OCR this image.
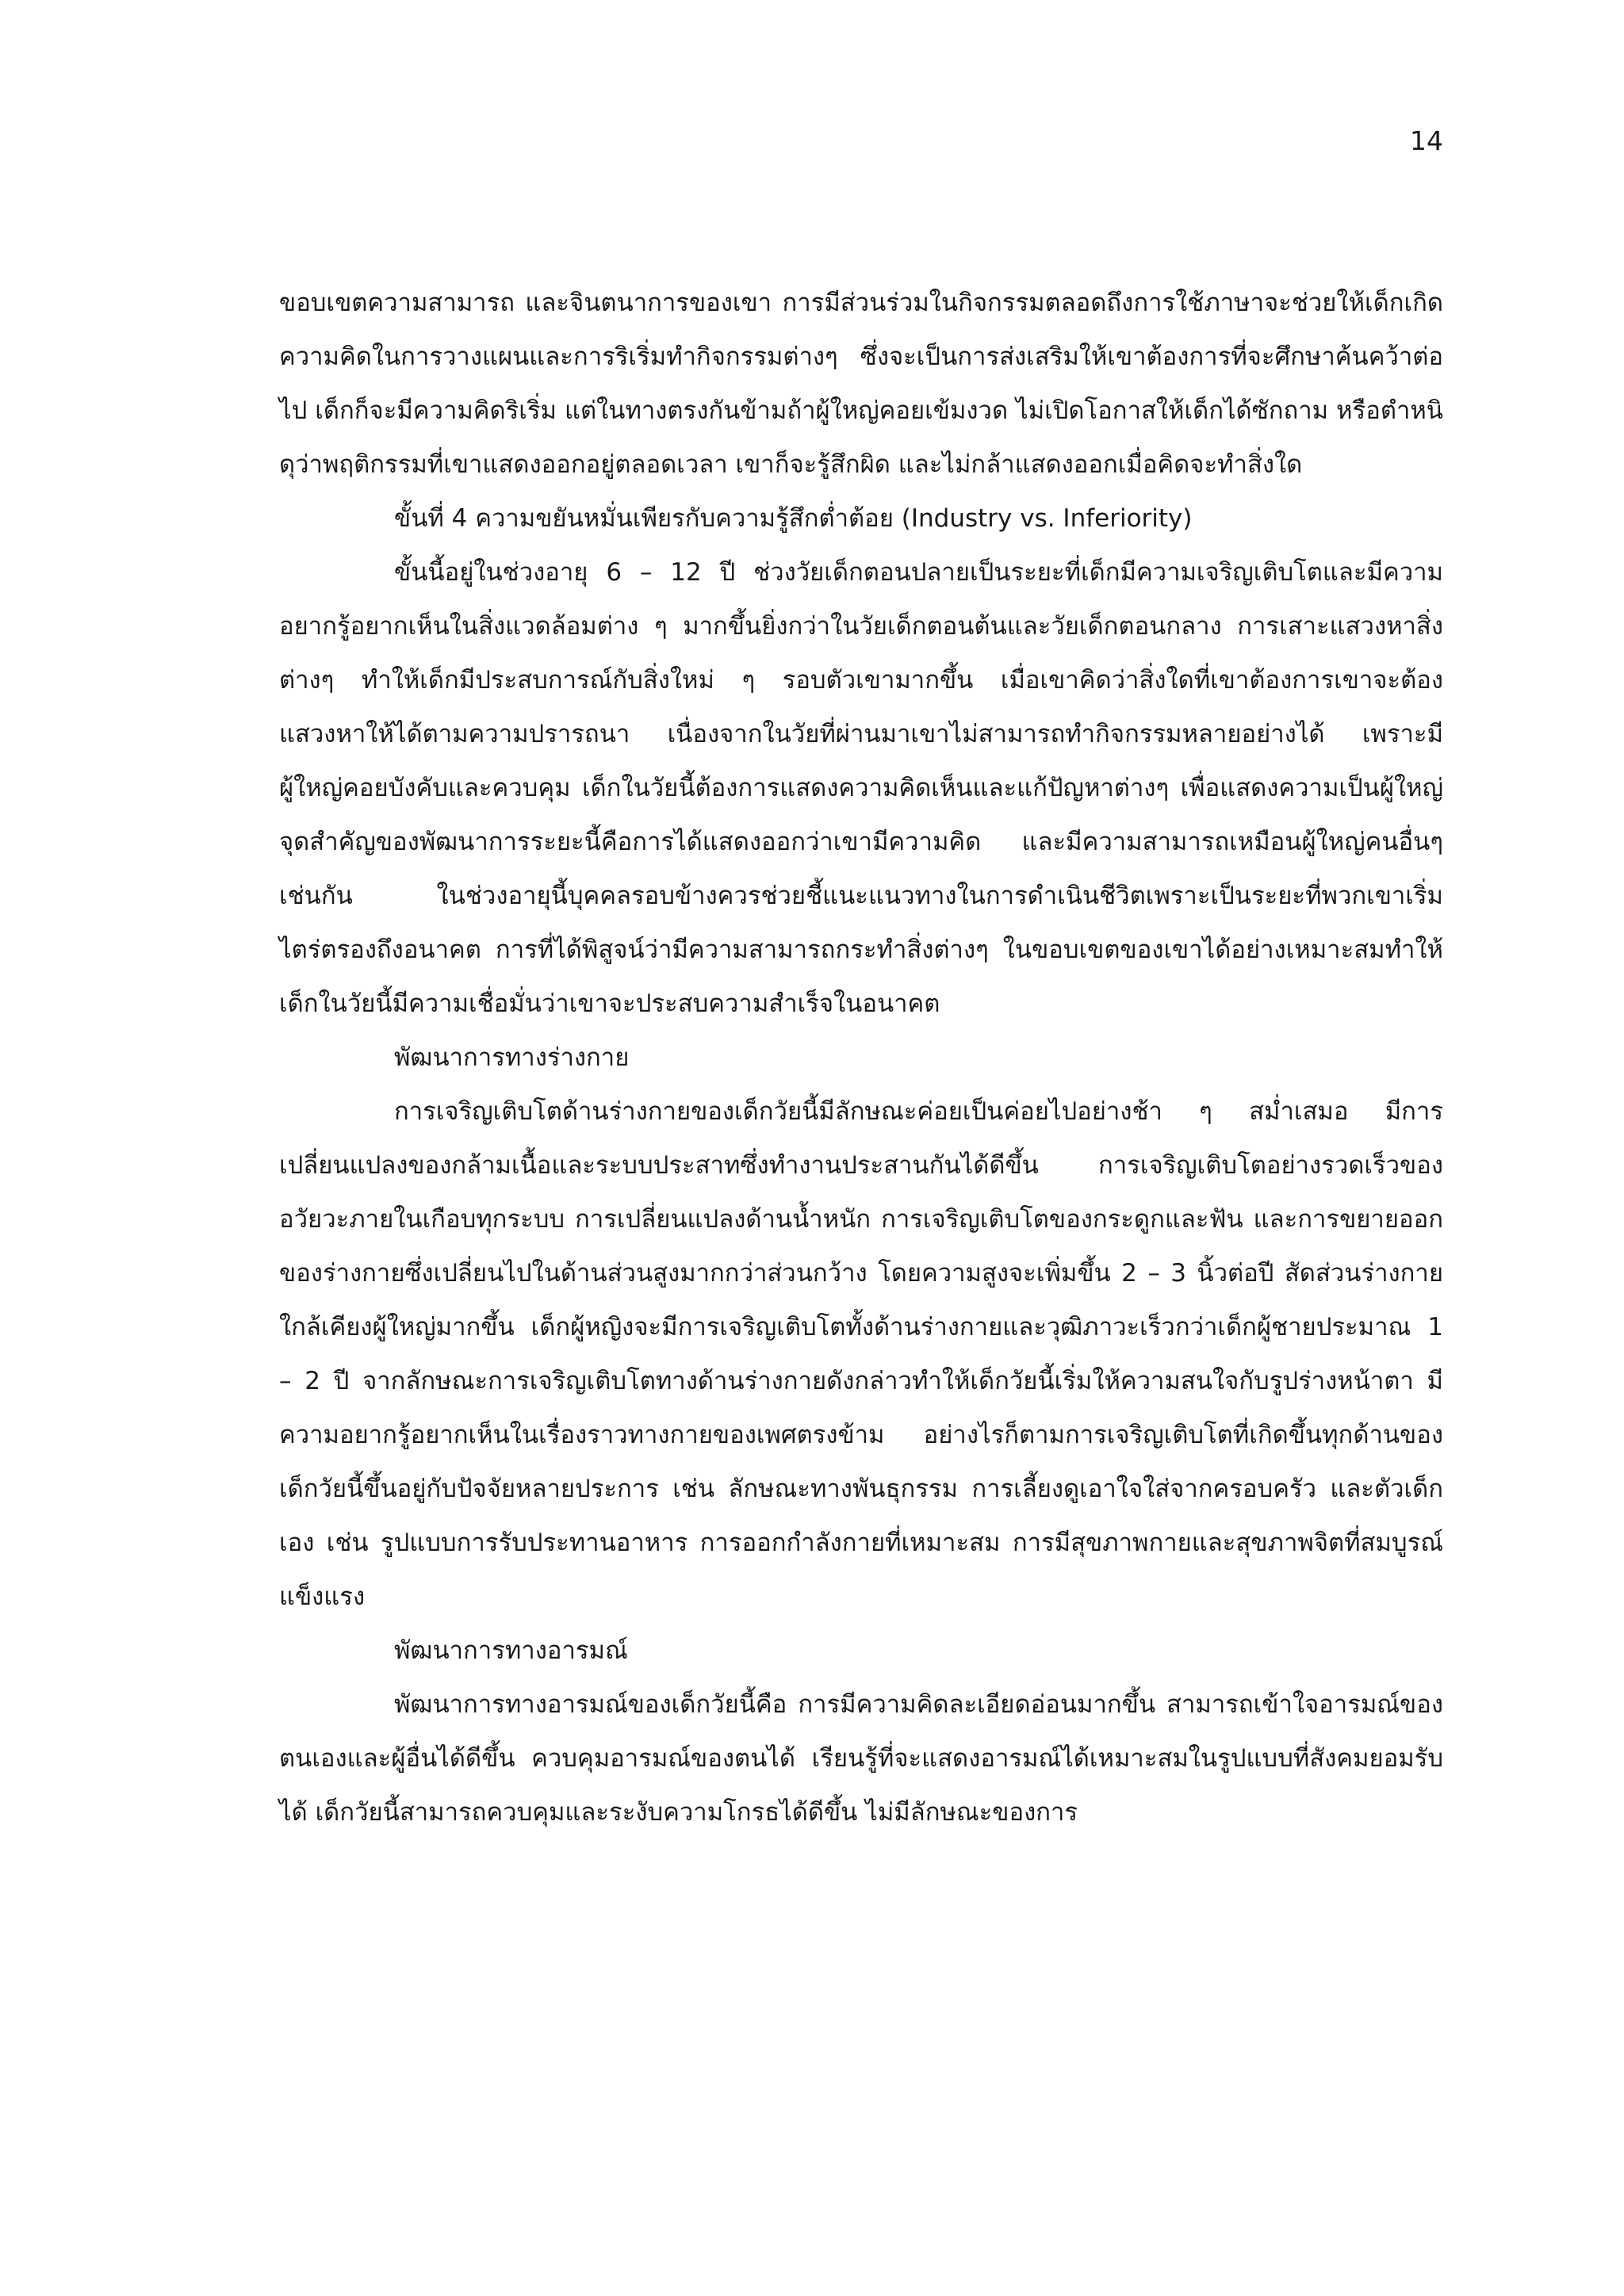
14

ขอบเขตความสามารถ และจินตนาการของเขา การมีส่วนร่วมในกิจกรรมตลอดถึงการใช้ภาษาจะช่วยให้เด็กเกิดความคิดในการวางแผนและการริเริ่มทำกิจกรรมต่างๆ ซึ่งจะเป็นการส่งเสริมให้เขาต้องการที่จะศึกษาค้นคว้าต่อไป เด็กก็จะมีความคิดริเริ่ม แต่ในทางตรงกันข้ามถ้าผู้ใหญ่คอยเข้มงวด ไม่เปิดโอกาสให้เด็กได้ซักถาม หรือตำหนิดุว่าพฤติกรรมที่เขาแสดงออกอยู่ตลอดเวลา เขาก็จะรู้สึกผิด และไม่กล้าแสดงออกเมื่อคิดจะทำสิ่งใด

ขั้นที่ 4 ความขยันหมั่นเพียรกับความรู้สึกต่ำต้อย (Industry vs. Inferiority)

ขั้นนี้อยู่ในช่วงอายุ 6 – 12 ปี ช่วงวัยเด็กตอนปลายเป็นระยะที่เด็กมีความเจริญเติบโตและมีความอยากรู้อยากเห็นในสิ่งแวดล้อมต่าง ๆ มากขึ้นยิ่งกว่าในวัยเด็กตอนต้นและวัยเด็กตอนกลาง การเสาะแสวงหาสิ่งต่างๆ ทำให้เด็กมีประสบการณ์กับสิ่งใหม่ ๆ รอบตัวเขามากขึ้น เมื่อเขาคิดว่าสิ่งใดที่เขาต้องการเขาจะต้องแสวงหาให้ได้ตามความปรารถนา เนื่องจากในวัยที่ผ่านมาเขาไม่สามารถทำกิจกรรมหลายอย่างได้ เพราะมีผู้ใหญ่คอยบังคับและควบคุม เด็กในวัยนี้ต้องการแสดงความคิดเห็นและแก้ปัญหาต่างๆ เพื่อแสดงความเป็นผู้ใหญ่ จุดสำคัญของพัฒนาการระยะนี้คือการได้แสดงออกว่าเขามีความคิด และมีความสามารถเหมือนผู้ใหญ่คนอื่นๆเช่นกัน ในช่วงอายุนี้บุคคลรอบข้างควรช่วยชี้แนะแนวทางในการดำเนินชีวิตเพราะเป็นระยะที่พวกเขาเริ่มไตร่ตรองถึงอนาคต การที่ได้พิสูจน์ว่ามีความสามารถกระทำสิ่งต่างๆ ในขอบเขตของเขาได้อย่างเหมาะสมทำให้เด็กในวัยนี้มีความเชื่อมั่นว่าเขาจะประสบความสำเร็จในอนาคต

พัฒนาการทางร่างกาย

การเจริญเติบโตด้านร่างกายของเด็กวัยนี้มีลักษณะค่อยเป็นค่อยไปอย่างช้า ๆ สม่ำเสมอ มีการเปลี่ยนแปลงของกล้ามเนื้อและระบบประสาทซึ่งทำงานประสานกันได้ดีขึ้น การเจริญเติบโตอย่างรวดเร็วของอวัยวะภายในเกือบทุกระบบ การเปลี่ยนแปลงด้านน้ำหนัก การเจริญเติบโตของกระดูกและฟัน และการขยายออกของร่างกายซึ่งเปลี่ยนไปในด้านส่วนสูงมากกว่าส่วนกว้าง โดยความสูงจะเพิ่มขึ้น 2 – 3 นิ้วต่อปี สัดส่วนร่างกายใกล้เคียงผู้ใหญ่มากขึ้น เด็กผู้หญิงจะมีการเจริญเติบโตทั้งด้านร่างกายและวุฒิภาวะเร็วกว่าเด็กผู้ชายประมาณ 1 – 2 ปี จากลักษณะการเจริญเติบโตทางด้านร่างกายดังกล่าวทำให้เด็กวัยนี้เริ่มให้ความสนใจกับรูปร่างหน้าตา มีความอยากรู้อยากเห็นในเรื่องราวทางกายของเพศตรงข้าม อย่างไรก็ตามการเจริญเติบโตที่เกิดขึ้นทุกด้านของเด็กวัยนี้ขึ้นอยู่กับปัจจัยหลายประการ เช่น ลักษณะทางพันธุกรรม การเลี้ยงดูเอาใจใส่จากครอบครัว และตัวเด็กเอง เช่น รูปแบบการรับประทานอาหาร การออกกำลังกายที่เหมาะสม การมีสุขภาพกายและสุขภาพจิตที่สมบูรณ์แข็งแรง

พัฒนาการทางอารมณ์

พัฒนาการทางอารมณ์ของเด็กวัยนี้คือ การมีความคิดละเอียดอ่อนมากขึ้น สามารถเข้าใจอารมณ์ของตนเองและผู้อื่นได้ดีขึ้น ควบคุมอารมณ์ของตนได้ เรียนรู้ที่จะแสดงอารมณ์ได้เหมาะสมในรูปแบบที่สังคมยอมรับได้ เด็กวัยนี้สามารถควบคุมและระงับความโกรธได้ดีขึ้น ไม่มีลักษณะของการ
